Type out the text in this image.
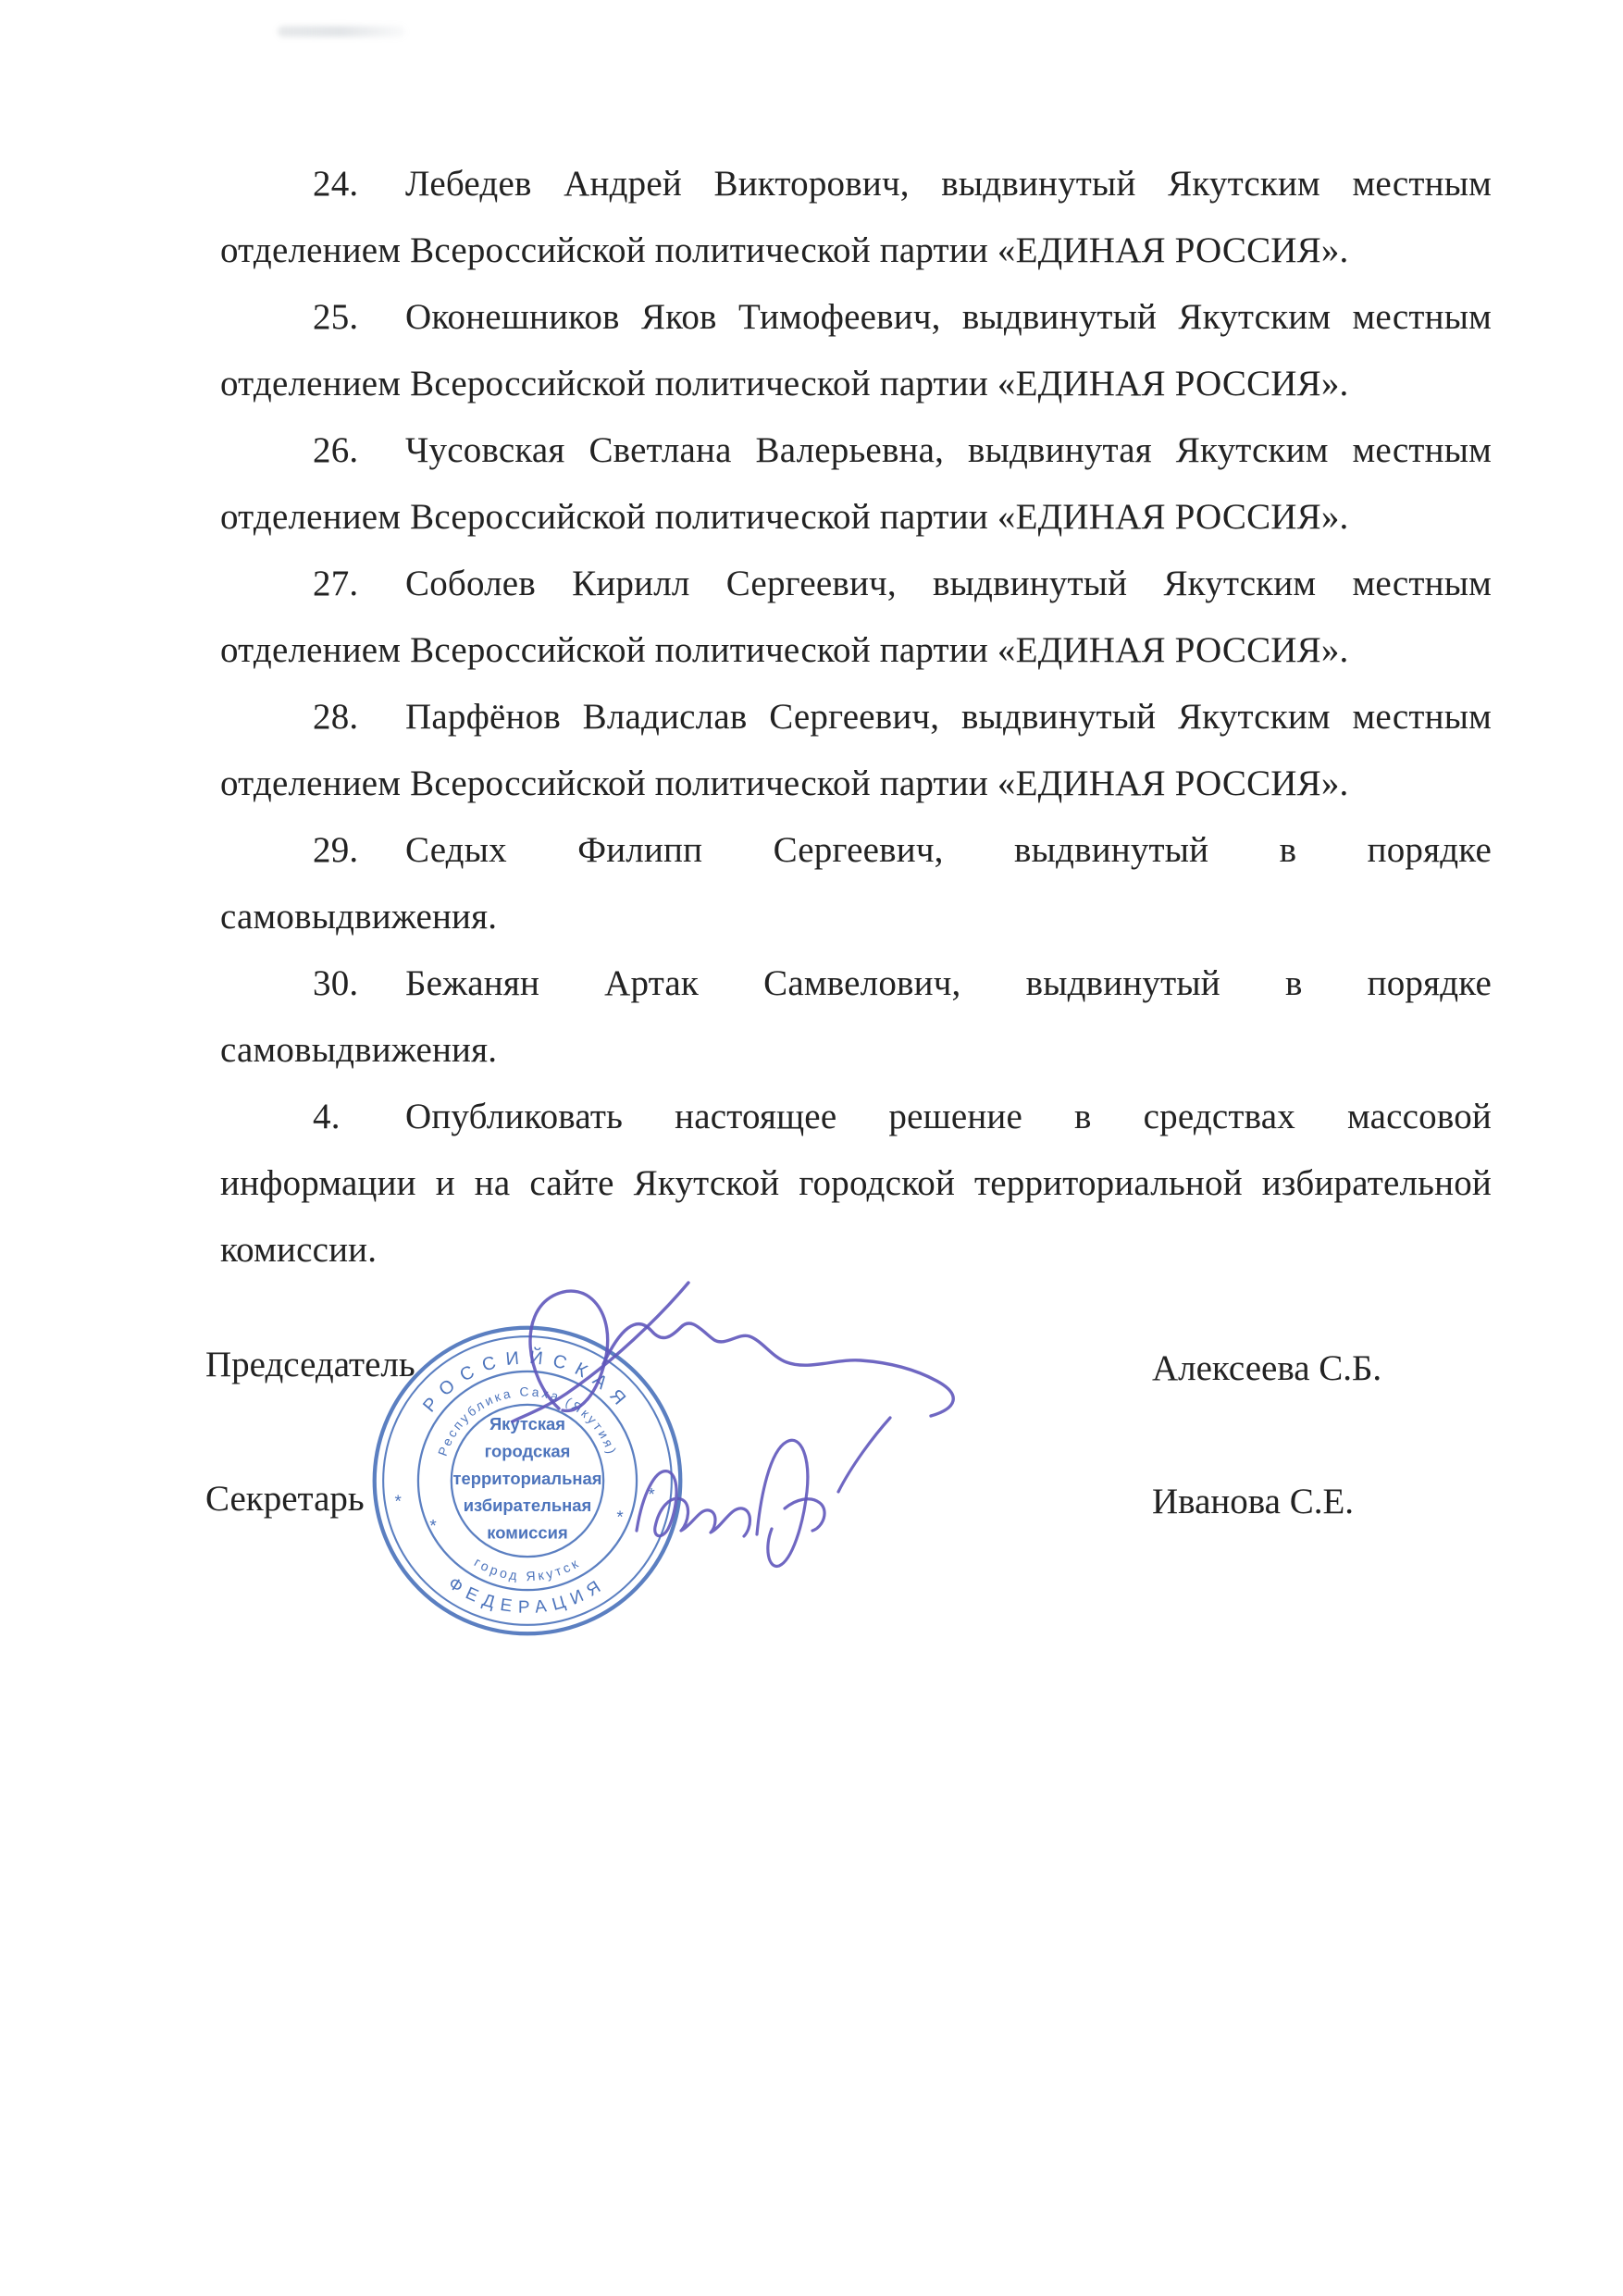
24. Лебедев Андрей Викторович, выдвинутый Якутским местным
отделением Всероссийской политической партии «ЕДИНАЯ РОССИЯ».
25. Оконешников Яков Тимофеевич, выдвинутый Якутским местным
отделением Всероссийской политической партии «ЕДИНАЯ РОССИЯ».
26. Чусовская Светлана Валерьевна, выдвинутая Якутским местным
отделением Всероссийской политической партии «ЕДИНАЯ РОССИЯ».
27. Соболев Кирилл Сергеевич, выдвинутый Якутским местным
отделением Всероссийской политической партии «ЕДИНАЯ РОССИЯ».
28. Парфёнов Владислав Сергеевич, выдвинутый Якутским местным
отделением Всероссийской политической партии «ЕДИНАЯ РОССИЯ».
29. Седых Филипп Сергеевич, выдвинутый в порядке
самовыдвижения.
30. Бежанян Артак Самвелович, выдвинутый в порядке
самовыдвижения.
4. Опубликовать настоящее решение в средствах массовой
информации и на сайте Якутской городской территориальной избирательной
комиссии.
Председатель	Алексеева С.Б.
Секретарь	Иванова С.Е.
РОССИЙСКАЯ
ФЕДЕРАЦИЯ
Республика Саха (Якутия)
город Якутск
Якутская
городская
территориальная
избирательная
комиссия
*	*
*	*
